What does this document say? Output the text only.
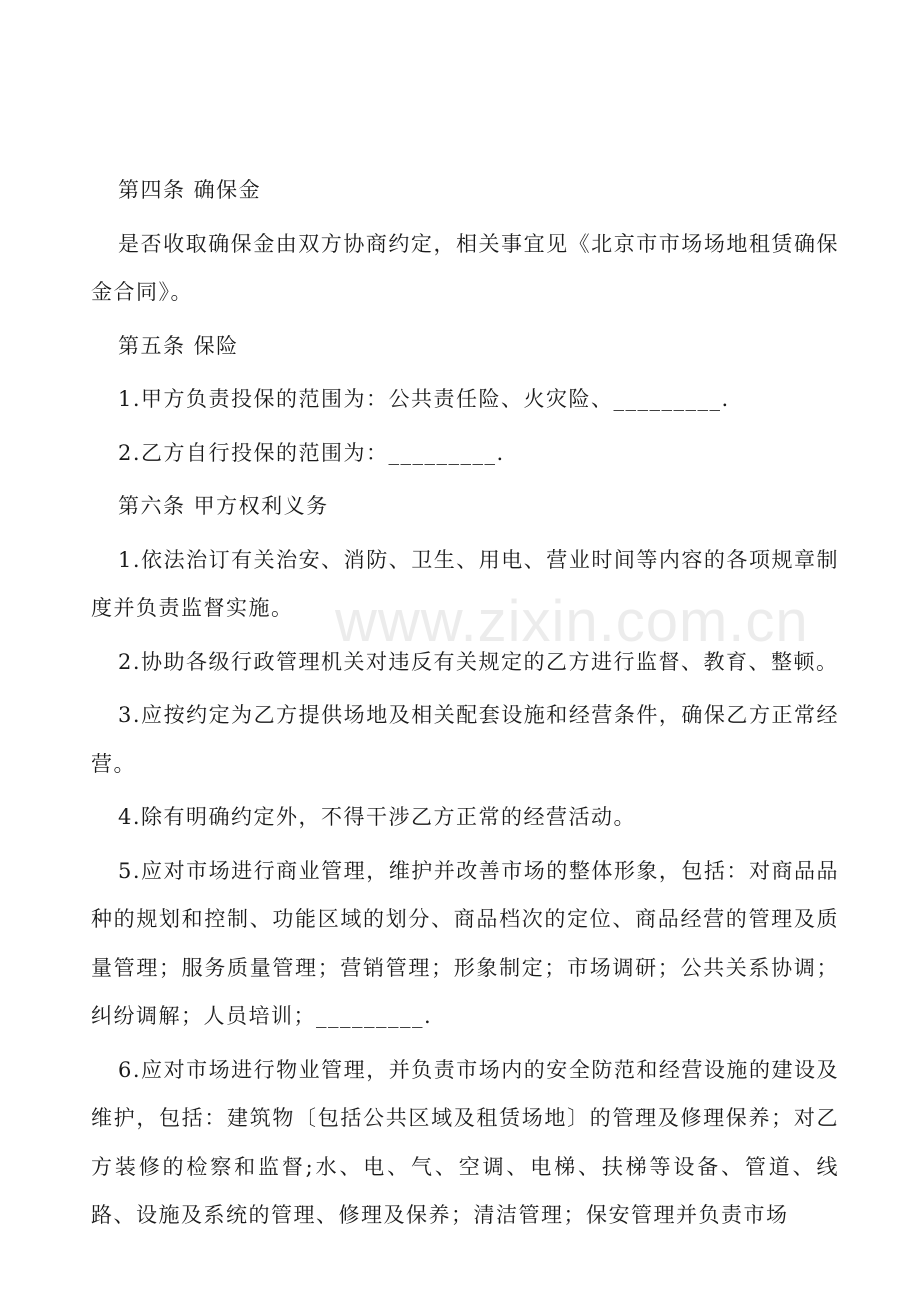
第四条 确保金

是否收取确保金由双方协商约定，相关事宜见《北京市市场场地租赁确保金合同》。

第五条 保险

1.甲方负责投保的范围为：公共责任险、火灾险、_________.

2.乙方自行投保的范围为：_________.

第六条 甲方权利义务

1.依法治订有关治安、消防、卫生、用电、营业时间等内容的各项规章制度并负责监督实施。

2.协助各级行政管理机关对违反有关规定的乙方进行监督、教育、整顿。

3.应按约定为乙方提供场地及相关配套设施和经营条件，确保乙方正常经营。

4.除有明确约定外，不得干涉乙方正常的经营活动。

5.应对市场进行商业管理，维护并改善市场的整体形象，包括：对商品品种的规划和控制、功能区域的划分、商品档次的定位、商品经营的管理及质量管理；服务质量管理；营销管理；形象制定；市场调研；公共关系协调；纠纷调解；人员培训；_________.

6.应对市场进行物业管理，并负责市场内的安全防范和经营设施的建设及维护，包括：建筑物〔包括公共区域及租赁场地〕的管理及修理保养；对乙方装修的检察和监督;水、电、气、空调、电梯、扶梯等设备、管道、线路、设施及系统的管理、修理及保养；清洁管理；保安管理并负责市场

www.zixin.com.cn
